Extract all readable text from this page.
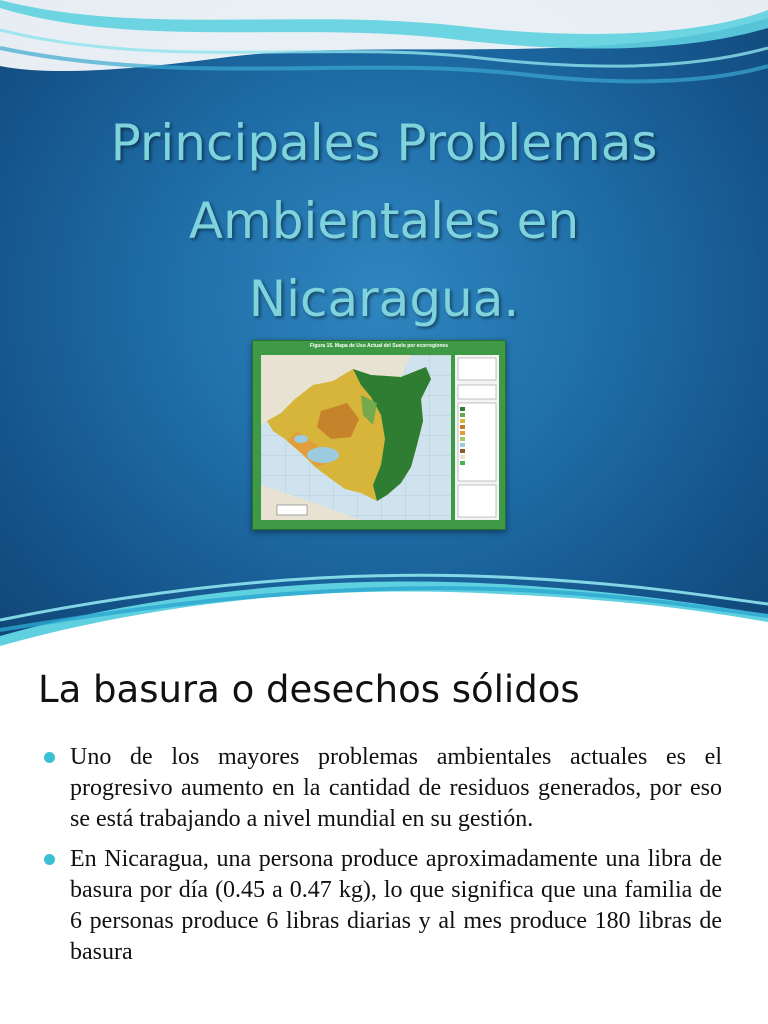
Principales Problemas
Ambientales en
Nicaragua.
Figura 15. Mapa de Uso Actual del Suelo por ecorregiones
La basura o desechos sólidos
Uno de los mayores problemas ambientales actuales es el progresivo aumento en la cantidad de residuos generados, por eso se está trabajando a nivel mundial en su gestión.
En Nicaragua, una persona produce aproximadamente una libra de basura por día (0.45 a 0.47 kg), lo que significa que una familia de 6 personas produce 6 libras diarias y al mes produce 180 libras de basura
